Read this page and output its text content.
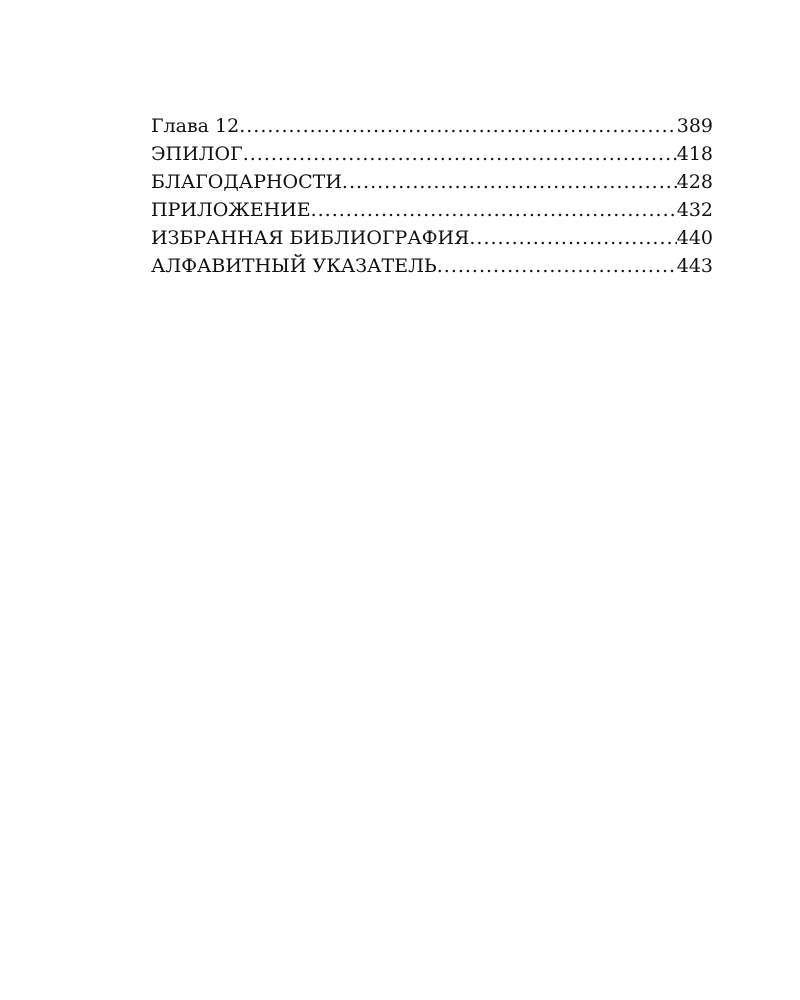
Глава 12 .....	389
ЭПИЛОГ .....	418
БЛАГОДАРНОСТИ .....	428
ПРИЛОЖЕНИЕ .....	432
ИЗБРАННАЯ БИБЛИОГРАФИЯ .....	440
АЛФАВИТНЫЙ УКАЗАТЕЛЬ .....	443
